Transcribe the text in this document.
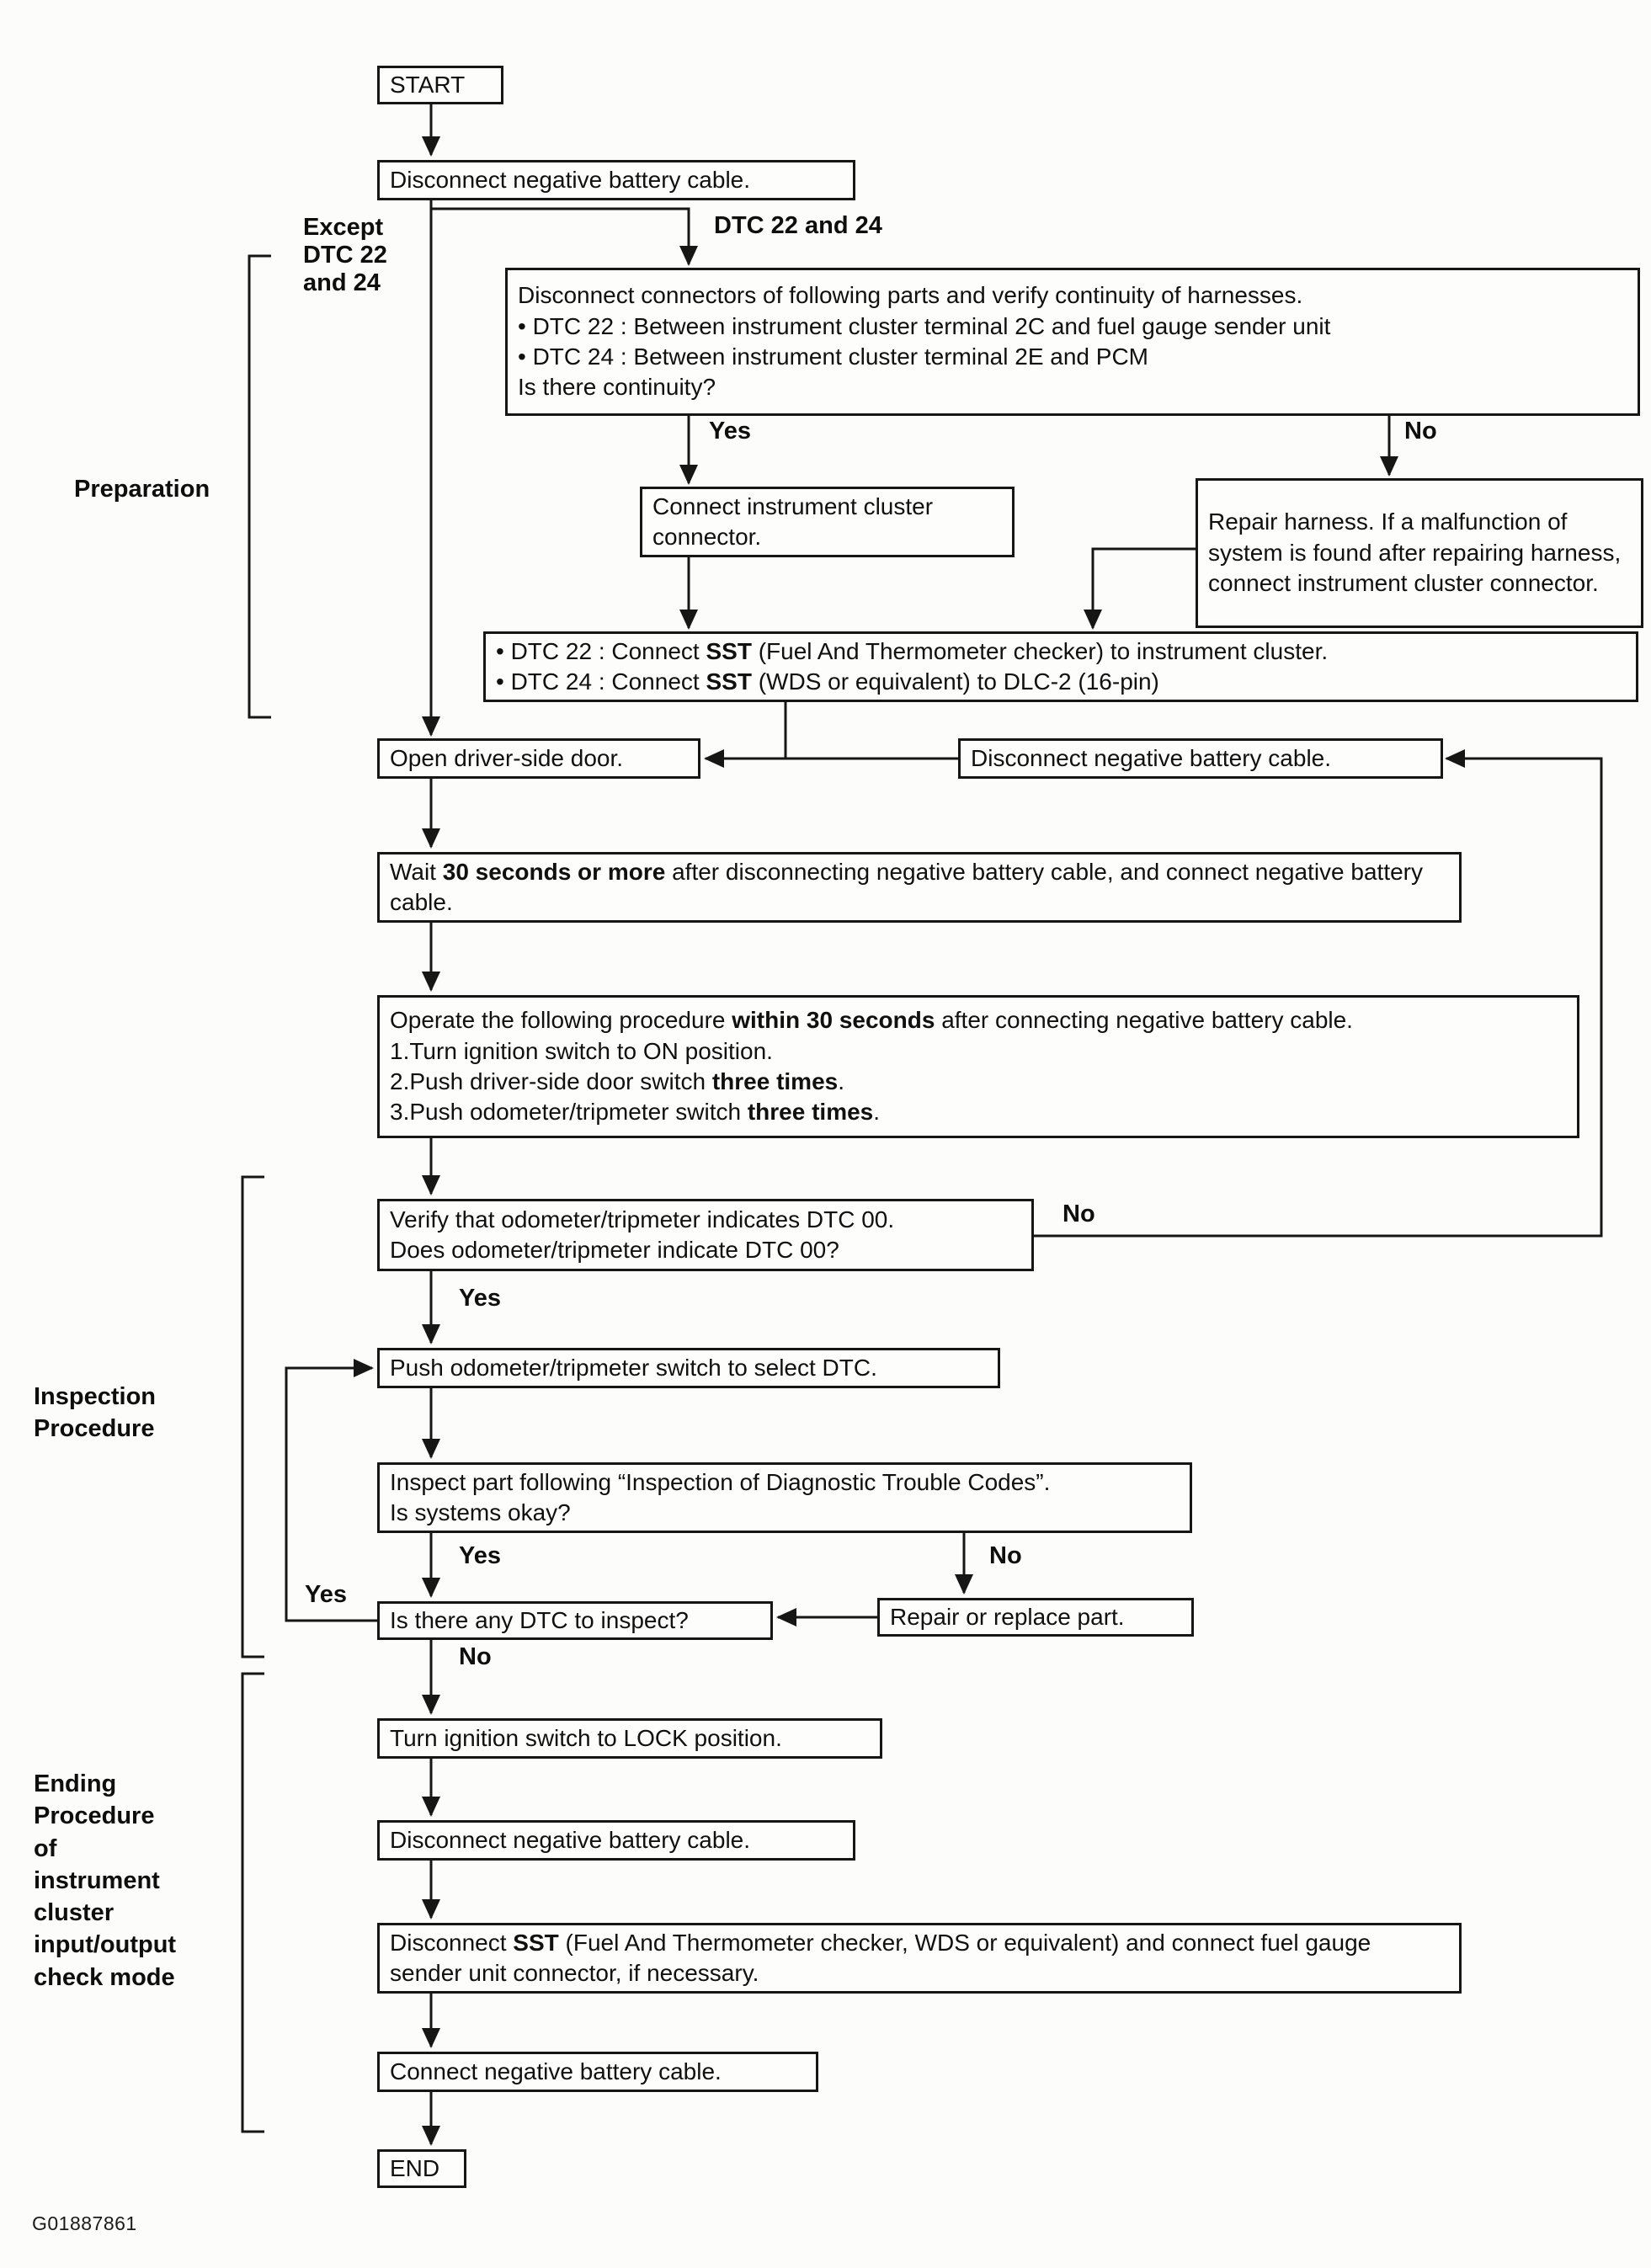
START
Disconnect negative battery cable.
Except
DTC 22
and 24
DTC 22 and 24
Disconnect connectors of following parts and verify continuity of harnesses.
• DTC 22 : Between instrument cluster terminal 2C and fuel gauge sender unit
• DTC 24 : Between instrument cluster terminal 2E and PCM
Is there continuity?
Yes	No
Connect instrument cluster connector.
Repair harness. If a malfunction of system is found after repairing harness, connect instrument cluster connector.
• DTC 22 : Connect SST (Fuel And Thermometer checker) to instrument cluster.
• DTC 24 : Connect SST (WDS or equivalent) to DLC-2 (16-pin)
Open driver-side door.	Disconnect negative battery cable.
Wait 30 seconds or more after disconnecting negative battery cable, and connect negative battery cable.
Operate the following procedure within 30 seconds after connecting negative battery cable.
1.Turn ignition switch to ON position.
2.Push driver-side door switch three times.
3.Push odometer/tripmeter switch three times.
Verify that odometer/tripmeter indicates DTC 00.
Does odometer/tripmeter indicate DTC 00?
No
Yes
Push odometer/tripmeter switch to select DTC.
Inspect part following “Inspection of Diagnostic Trouble Codes”.
Is systems okay?
Yes	No
Is there any DTC to inspect?	Repair or replace part.
Yes
No
Turn ignition switch to LOCK position.
Disconnect negative battery cable.
Disconnect SST (Fuel And Thermometer checker, WDS or equivalent) and connect fuel gauge sender unit connector, if necessary.
Connect negative battery cable.
END
Preparation
Inspection
Procedure
Ending
Procedure
of
instrument
cluster
input/output
check mode
G01887861
